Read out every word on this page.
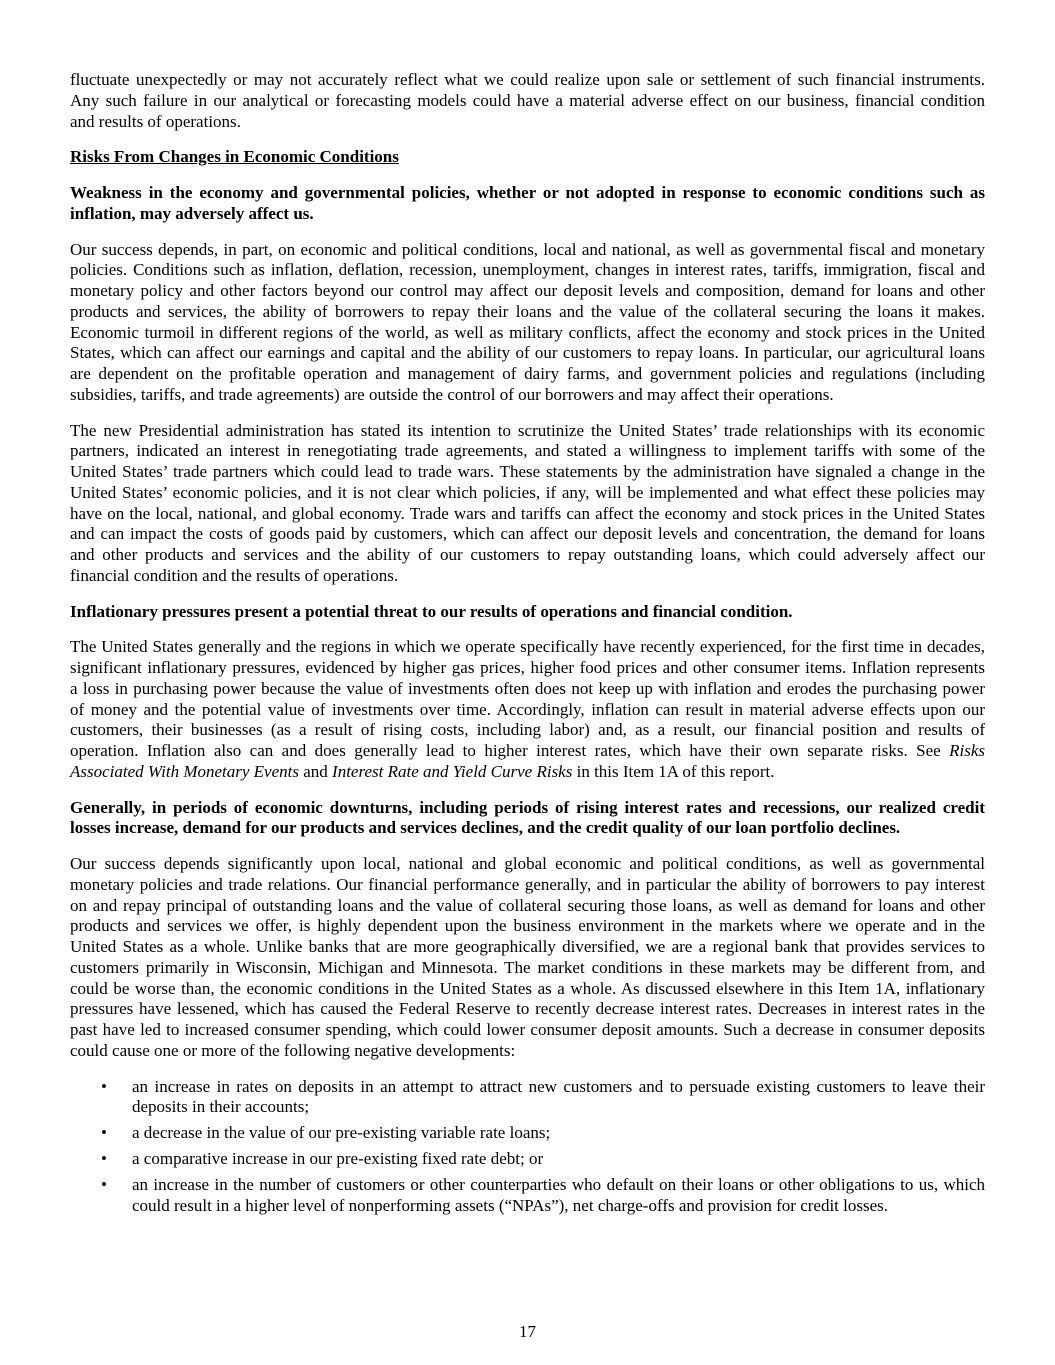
fluctuate unexpectedly or may not accurately reflect what we could realize upon sale or settlement of such financial instruments.
Any such failure in our analytical or forecasting models could have a material adverse effect on our business, financial condition
and results of operations.
Risks From Changes in Economic Conditions
Weakness in the economy and governmental policies, whether or not adopted in response to economic conditions such as
inflation, may adversely affect us.
Our success depends, in part, on economic and political conditions, local and national, as well as governmental fiscal and monetary
policies. Conditions such as inflation, deflation, recession, unemployment, changes in interest rates, tariffs, immigration, fiscal and
monetary policy and other factors beyond our control may affect our deposit levels and composition, demand for loans and other
products and services, the ability of borrowers to repay their loans and the value of the collateral securing the loans it makes.
Economic turmoil in different regions of the world, as well as military conflicts, affect the economy and stock prices in the United
States, which can affect our earnings and capital and the ability of our customers to repay loans. In particular, our agricultural loans
are dependent on the profitable operation and management of dairy farms, and government policies and regulations (including
subsidies, tariffs, and trade agreements) are outside the control of our borrowers and may affect their operations.
The new Presidential administration has stated its intention to scrutinize the United States’ trade relationships with its economic
partners, indicated an interest in renegotiating trade agreements, and stated a willingness to implement tariffs with some of the
United States’ trade partners which could lead to trade wars. These statements by the administration have signaled a change in the
United States’ economic policies, and it is not clear which policies, if any, will be implemented and what effect these policies may
have on the local, national, and global economy. Trade wars and tariffs can affect the economy and stock prices in the United States
and can impact the costs of goods paid by customers, which can affect our deposit levels and concentration, the demand for loans
and other products and services and the ability of our customers to repay outstanding loans, which could adversely affect our
financial condition and the results of operations.
Inflationary pressures present a potential threat to our results of operations and financial condition.
The United States generally and the regions in which we operate specifically have recently experienced, for the first time in decades,
significant inflationary pressures, evidenced by higher gas prices, higher food prices and other consumer items. Inflation represents
a loss in purchasing power because the value of investments often does not keep up with inflation and erodes the purchasing power
of money and the potential value of investments over time. Accordingly, inflation can result in material adverse effects upon our
customers, their businesses (as a result of rising costs, including labor) and, as a result, our financial position and results of
operation. Inflation also can and does generally lead to higher interest rates, which have their own separate risks. See Risks
Associated With Monetary Events and Interest Rate and Yield Curve Risks in this Item 1A of this report.
Generally, in periods of economic downturns, including periods of rising interest rates and recessions, our realized credit
losses increase, demand for our products and services declines, and the credit quality of our loan portfolio declines.
Our success depends significantly upon local, national and global economic and political conditions, as well as governmental
monetary policies and trade relations. Our financial performance generally, and in particular the ability of borrowers to pay interest
on and repay principal of outstanding loans and the value of collateral securing those loans, as well as demand for loans and other
products and services we offer, is highly dependent upon the business environment in the markets where we operate and in the
United States as a whole. Unlike banks that are more geographically diversified, we are a regional bank that provides services to
customers primarily in Wisconsin, Michigan and Minnesota. The market conditions in these markets may be different from, and
could be worse than, the economic conditions in the United States as a whole. As discussed elsewhere in this Item 1A, inflationary
pressures have lessened, which has caused the Federal Reserve to recently decrease interest rates. Decreases in interest rates in the
past have led to increased consumer spending, which could lower consumer deposit amounts. Such a decrease in consumer deposits
could cause one or more of the following negative developments:
• an increase in rates on deposits in an attempt to attract new customers and to persuade existing customers to leave their
deposits in their accounts;
• a decrease in the value of our pre-existing variable rate loans;
• a comparative increase in our pre-existing fixed rate debt; or
• an increase in the number of customers or other counterparties who default on their loans or other obligations to us, which
could result in a higher level of nonperforming assets (“NPAs”), net charge-offs and provision for credit losses.
17
